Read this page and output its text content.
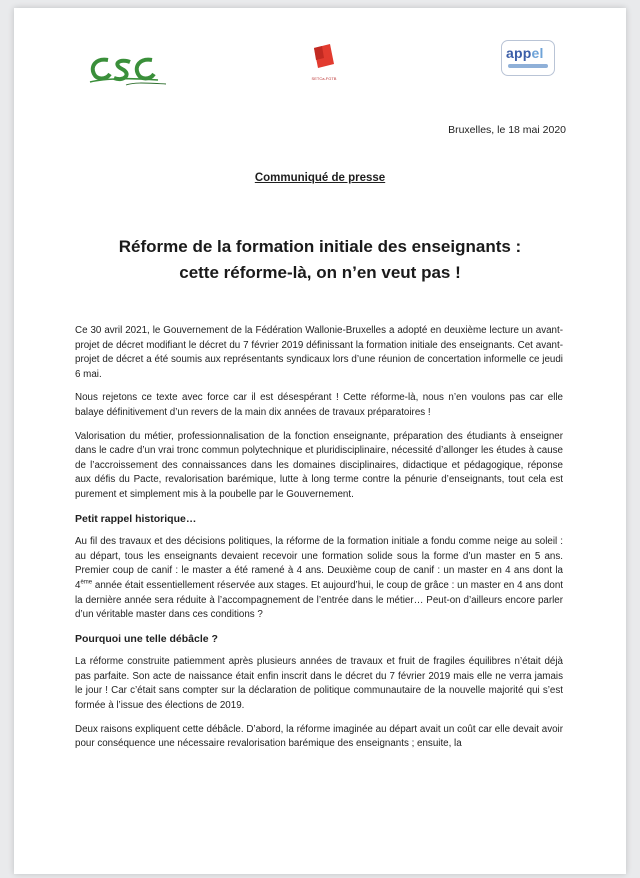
SETCa-FGTB
appel
Bruxelles, le 18 mai 2020
Communiqué de presse
Réforme de la formation initiale des enseignants :
cette réforme-là, on n’en veut pas !

Ce 30 avril 2021, le Gouvernement de la Fédération Wallonie-Bruxelles a adopté en deuxième lecture un avant-projet de décret modifiant le décret du 7 février 2019 définissant la formation initiale des enseignants. Cet avant-projet de décret a été soumis aux représentants syndicaux lors d’une réunion de concertation informelle ce jeudi 6 mai.

Nous rejetons ce texte avec force car il est désespérant ! Cette réforme-là, nous n’en voulons pas car elle balaye définitivement d’un revers de la main dix années de travaux préparatoires !

Valorisation du métier, professionnalisation de la fonction enseignante, préparation des étudiants à enseigner dans le cadre d’un vrai tronc commun polytechnique et pluridisciplinaire, nécessité d’allonger les études à cause de l’accroissement des connaissances dans les domaines disciplinaires, didactique et pédagogique, réponse aux défis du Pacte, revalorisation barémique, lutte à long terme contre la pénurie d’enseignants, tout cela est purement et simplement mis à la poubelle par le Gouvernement.

Petit rappel historique…

Au fil des travaux et des décisions politiques, la réforme de la formation initiale a fondu comme neige au soleil : au départ, tous les enseignants devaient recevoir une formation solide sous la forme d’un master en 5 ans. Premier coup de canif : le master a été ramené à 4 ans. Deuxième coup de canif : un master en 4 ans dont la 4ème année était essentiellement réservée aux stages. Et aujourd’hui, le coup de grâce : un master en 4 ans dont la dernière année sera réduite à l’accompagnement de l’entrée dans le métier… Peut-on d’ailleurs encore parler d’un véritable master dans ces conditions ?

Pourquoi une telle débâcle ?

La réforme construite patiemment après plusieurs années de travaux et fruit de fragiles équilibres n’était déjà pas parfaite. Son acte de naissance était enfin inscrit dans le décret du 7 février 2019 mais elle ne verra jamais le jour ! Car c’était sans compter sur la déclaration de politique communautaire de la nouvelle majorité qui s’est formée à l’issue des élections de 2019.

Deux raisons expliquent cette débâcle. D’abord, la réforme imaginée au départ avait un coût car elle devait avoir pour conséquence une nécessaire revalorisation barémique des enseignants ; ensuite, la
